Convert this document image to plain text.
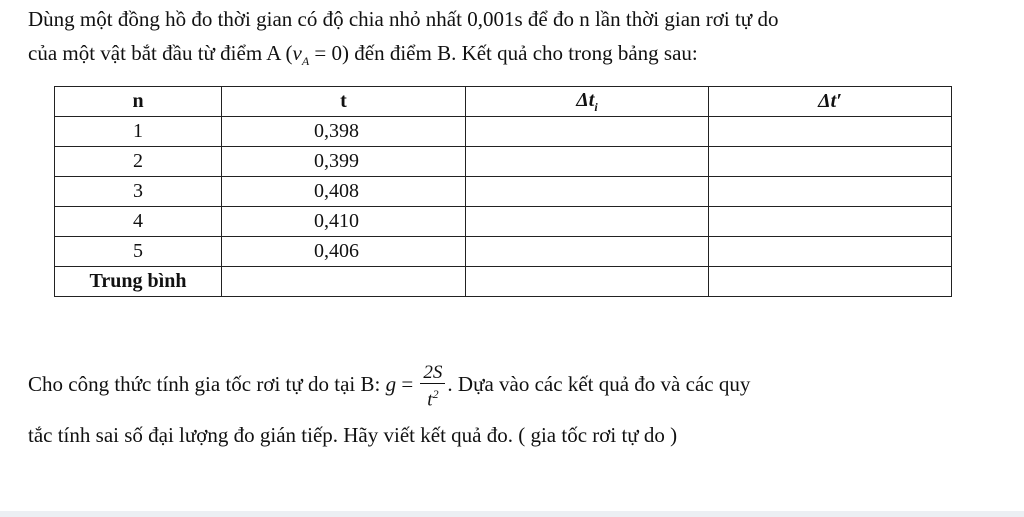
Dùng một đồng hồ đo thời gian có độ chia nhỏ nhất 0,001s để đo n lần thời gian rơi tự do
của một vật bắt đầu từ điểm A $(v_A = 0)$ đến điểm B. Kết quả cho trong bảng sau:
n	t	$\Delta t_i$	Δt′
1	0,398		
2	0,399		
3	0,408		
4	0,410		
5	0,406		
Trung bình			
Cho công thức tính gia tốc rơi tự do tại B: $g = \frac{2S}{t^2}$ . Dựa vào các kết quả đo và các quy
tắc tính sai số đại lượng đo gián tiếp. Hãy viết kết quả đo. ( gia tốc rơi tự do )
